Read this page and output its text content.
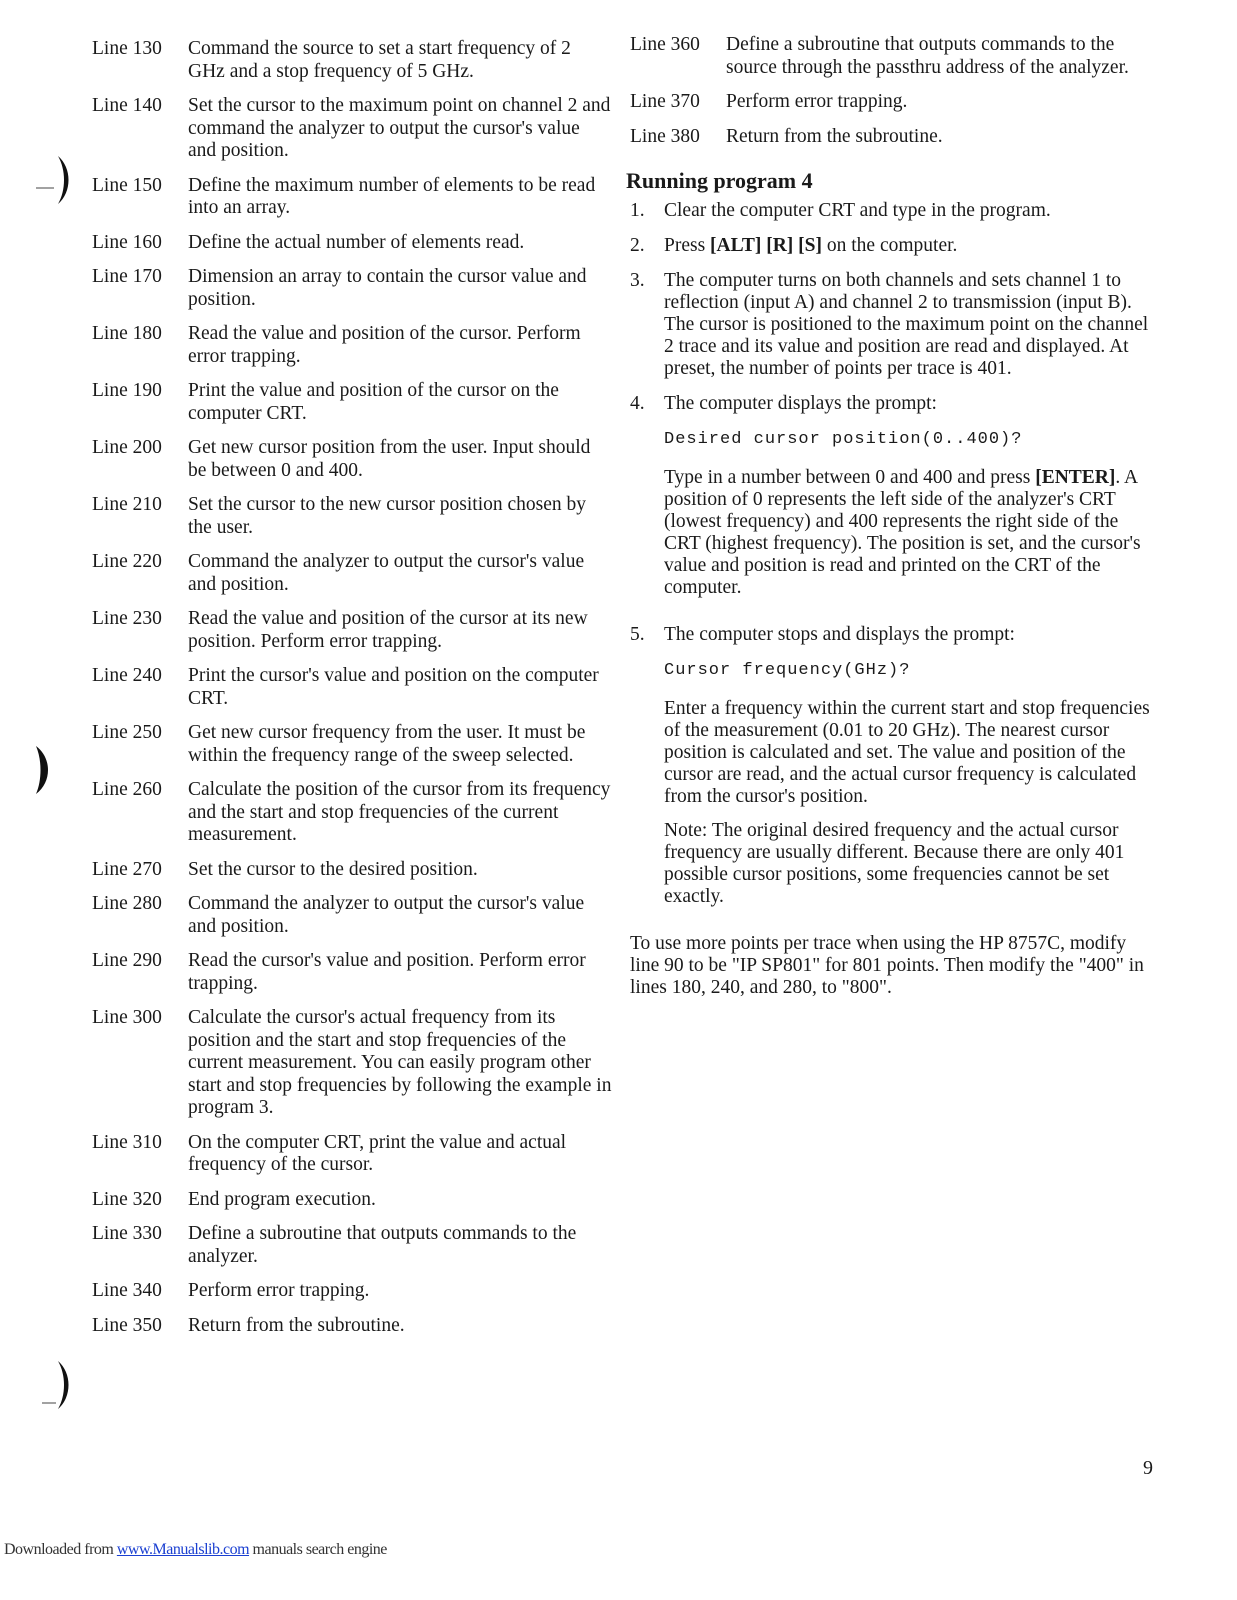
Line 130	Command the source to set a start frequency of 2 GHz and a stop frequency of 5 GHz.
Line 140	Set the cursor to the maximum point on channel 2 and command the analyzer to output the cursor's value and position.
Line 150	Define the maximum number of elements to be read into an array.
Line 160	Define the actual number of elements read.
Line 170	Dimension an array to contain the cursor value and position.
Line 180	Read the value and position of the cursor. Perform error trapping.
Line 190	Print the value and position of the cursor on the computer CRT.
Line 200	Get new cursor position from the user. Input should be between 0 and 400.
Line 210	Set the cursor to the new cursor position chosen by the user.
Line 220	Command the analyzer to output the cursor's value and position.
Line 230	Read the value and position of the cursor at its new position. Perform error trapping.
Line 240	Print the cursor's value and position on the computer CRT.
Line 250	Get new cursor frequency from the user. It must be within the frequency range of the sweep selected.
Line 260	Calculate the position of the cursor from its frequency and the start and stop frequencies of the current measurement.
Line 270	Set the cursor to the desired position.
Line 280	Command the analyzer to output the cursor's value and position.
Line 290	Read the cursor's value and position. Perform error trapping.
Line 300	Calculate the cursor's actual frequency from its position and the start and stop frequencies of the current measurement. You can easily program other start and stop frequencies by following the example in program 3.
Line 310	On the computer CRT, print the value and actual frequency of the cursor.
Line 320	End program execution.
Line 330	Define a subroutine that outputs commands to the analyzer.
Line 340	Perform error trapping.
Line 350	Return from the subroutine.
Line 360	Define a subroutine that outputs commands to the source through the passthru address of the analyzer.
Line 370	Perform error trapping.
Line 380	Return from the subroutine.
Running program 4
1. Clear the computer CRT and type in the program.
2. Press [ALT] [R] [S] on the computer.
3. The computer turns on both channels and sets channel 1 to reflection (input A) and channel 2 to transmission (input B). The cursor is positioned to the maximum point on the channel 2 trace and its value and position are read and displayed. At preset, the number of points per trace is 401.
4. The computer displays the prompt:

Desired cursor position(0..400)?

Type in a number between 0 and 400 and press [ENTER]. A position of 0 represents the left side of the analyzer's CRT (lowest frequency) and 400 represents the right side of the CRT (highest frequency). The position is set, and the cursor's value and position is read and printed on the CRT of the computer.

5. The computer stops and displays the prompt:

Cursor frequency(GHz)?

Enter a frequency within the current start and stop frequencies of the measurement (0.01 to 20 GHz). The nearest cursor position is calculated and set. The value and position of the cursor are read, and the actual cursor frequency is calculated from the cursor's position.

Note: The original desired frequency and the actual cursor frequency are usually different. Because there are only 401 possible cursor positions, some frequencies cannot be set exactly.

To use more points per trace when using the HP 8757C, modify line 90 to be "IP SP801" for 801 points. Then modify the "400" in lines 180, 240, and 280, to "800".
9
Downloaded from www.Manualslib.com manuals search engine
